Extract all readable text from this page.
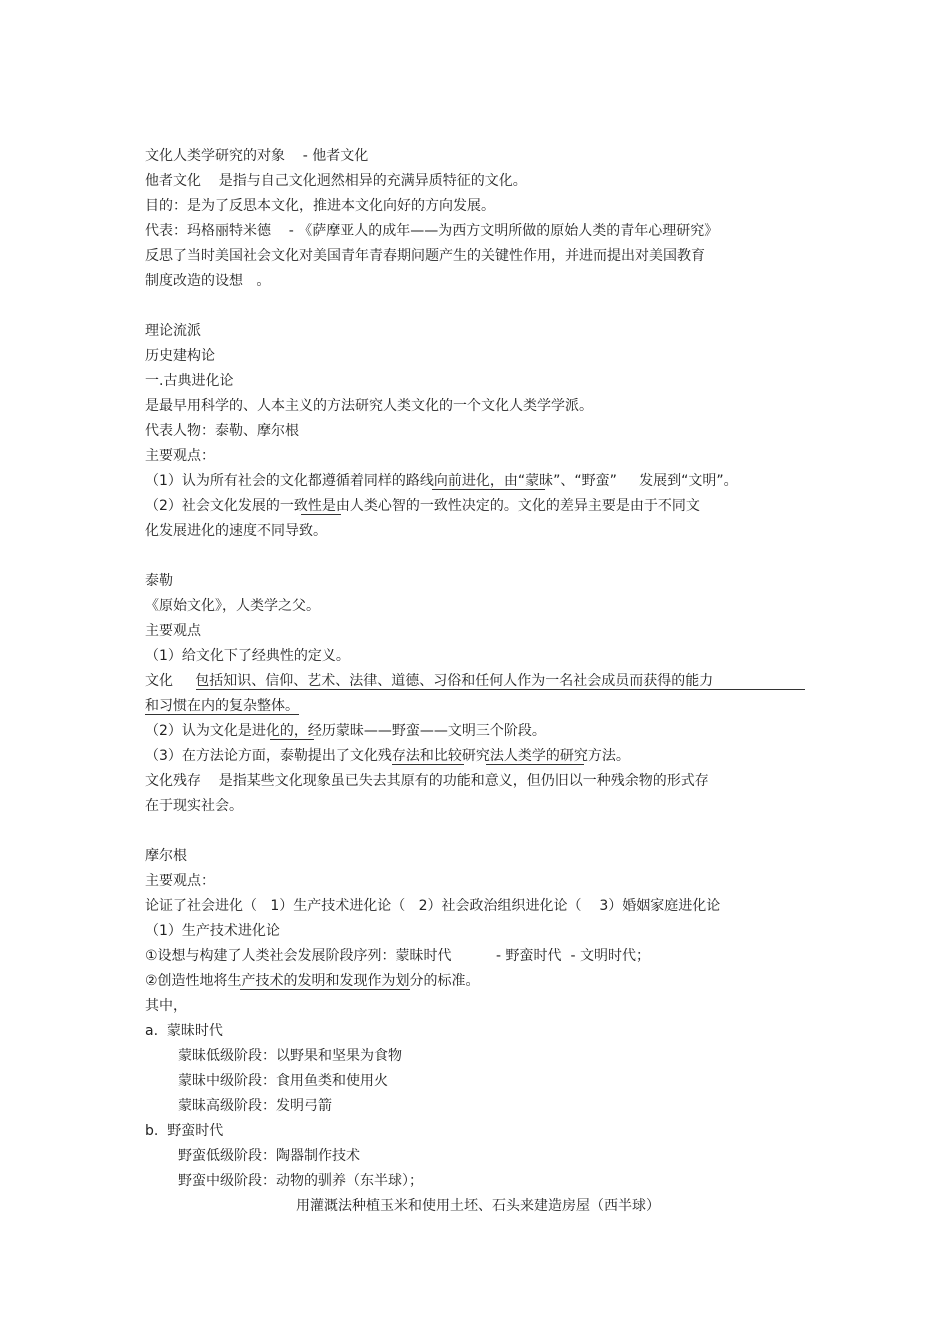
文化人类学研究的对象    - 他者文化
他者文化    是指与自己文化迥然相异的充满异质特征的文化。
目的：是为了反思本文化，推进本文化向好的方向发展。
代表：玛格丽特米德    - 《萨摩亚人的成年——为西方文明所做的原始人类的青年心理研究》
反思了当时美国社会文化对美国青年青春期问题产生的关键性作用，并进而提出对美国教育
制度改造的设想   。
理论流派
历史建构论
一.古典进化论
是最早用科学的、人本主义的方法研究人类文化的一个文化人类学学派。
代表人物：泰勒、摩尔根
主要观点：
（1）认为所有社会的文化都遵循着同样的路线向前进化，由“蒙昧”、“野蛮”     发展到“文明”。
（2）社会文化发展的一致性是由人类心智的一致性决定的。文化的差异主要是由于不同文
化发展进化的速度不同导致。
泰勒
《原始文化》，人类学之父。
主要观点
（1）给文化下了经典性的定义。
文化     包括知识、信仰、艺术、法律、道德、习俗和任何人作为一名社会成员而获得的能力
和习惯在内的复杂整体。
（2）认为文化是进化的，经历蒙昧——野蛮——文明三个阶段。
（3）在方法论方面，泰勒提出了文化残存法和比较研究法人类学的研究方法。
文化残存    是指某些文化现象虽已失去其原有的功能和意义，但仍旧以一种残余物的形式存
在于现实社会。
摩尔根
主要观点：
论证了社会进化（   1）生产技术进化论（   2）社会政治组织进化论（    3）婚姻家庭进化论
（1）生产技术进化论
①设想与构建了人类社会发展阶段序列：蒙昧时代          - 野蛮时代  - 文明时代；
②创造性地将生产技术的发明和发现作为划分的标准。
其中，
a.  蒙昧时代
蒙昧低级阶段：以野果和坚果为食物
蒙昧中级阶段：食用鱼类和使用火
蒙昧高级阶段：发明弓箭
b.  野蛮时代
野蛮低级阶段：陶器制作技术
野蛮中级阶段：动物的驯养（东半球）；
用灌溉法种植玉米和使用土坯、石头来建造房屋（西半球）
